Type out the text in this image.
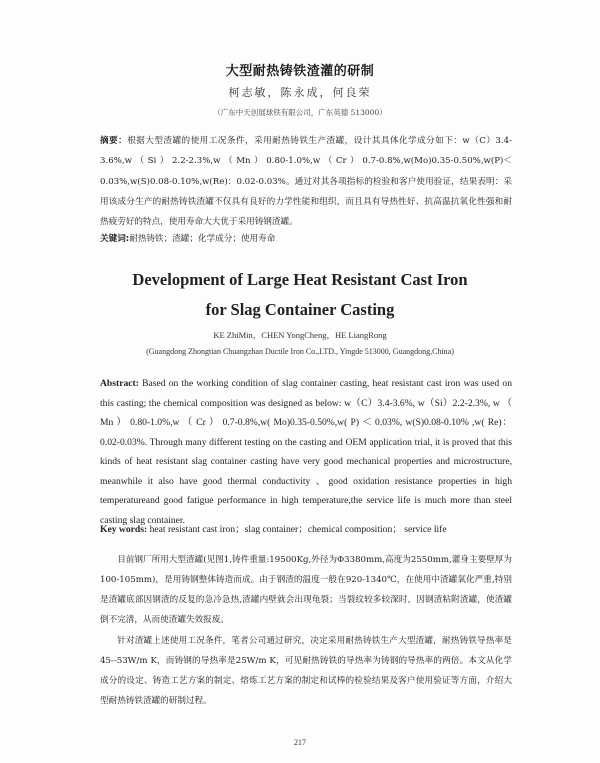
大型耐热铸铁渣灌的研制
柯志敏，陈永成，何良荣
（广东中天创展球铁有限公司，广东英德 513000）
摘要：根据大型渣罐的使用工况条件，采用耐热铸铁生产渣罐，设计其具体化学成分如下：w（C）3.4-3.6%,w（Si）2.2-2.3%,w（Mn）0.80-1.0%,w（Cr）0.7-0.8%,w(Mo)0.35-0.50%,w(P)＜0.03%,w(S)0.08-0.10%,w(Re)：0.02-0.03%。通过对其各项指标的检验和客户使用验证，结果表明：采用该成分生产的耐热铸铁渣罐不仅具有良好的力学性能和组织，而且具有导热性好、抗高温抗氧化性强和耐热疲劳好的特点，使用寿命大大优于采用铸钢渣罐。
关键词:耐热铸铁；渣罐；化学成分；使用寿命
Development of Large Heat Resistant Cast Iron
for Slag Container Casting
KE ZhiMin，CHEN YongCheng，HE LiangRong
(Guangdong Zhongtian Chuangzhan Ductile Iron Co.,LTD., Yingde 513000, Guangdong,China)
Abstract: Based on the working condition of slag container casting, heat resistant cast iron was used on this casting; the chemical composition was designed as below: w（C）3.4-3.6%, w（Si）2.2-2.3%, w （ Mn ） 0.80-1.0%,w （ Cr ） 0.7-0.8%,w( Mo)0.35-0.50%,w( P) ＜ 0.03%, w(S)0.08-0.10% ,w( Re)：0.02-0.03%. Through many different testing on the casting and OEM application trial, it is proved that this kinds of heat resistant slag container casting have very good mechanical properties and microstructure, meanwhile it also have good thermal conductivity 、good oxidation resistance properties in high temperatureand good fatigue performance in high temperature,the service life is much more than steel casting slag container.
Key words: heat resistant cast iron；slag container；chemical composition； service life
目前钢厂所用大型渣罐(见图1,铸件重量:19500Kg,外径为Φ3380mm,高度为2550mm,灌身主要壁厚为100-105mm)，是用铸钢整体铸造而成。由于钢渣的温度一般在920-1340℃，在使用中渣罐氧化严重,特别是渣罐底部因钢渣的反复的急冷急热,渣罐内壁就会出现龟裂；当裂纹较多较深时，因钢渣粘附渣罐，使渣罐倒不完清，从而使渣罐失效报废。
针对渣罐上述使用工况条件，笔者公司通过研究，决定采用耐热铸铁生产大型渣罐，耐热铸铁导热率是45--53W/m K，而铸钢的导热率是25W/m K，可见耐热铸铁的导热率为铸钢的导热率的两倍。本文从化学成分的设定、铸造工艺方案的制定、熔炼工艺方案的制定和试棒的检验结果及客户使用验证等方面，介绍大型耐热铸铁渣罐的研制过程。
217
